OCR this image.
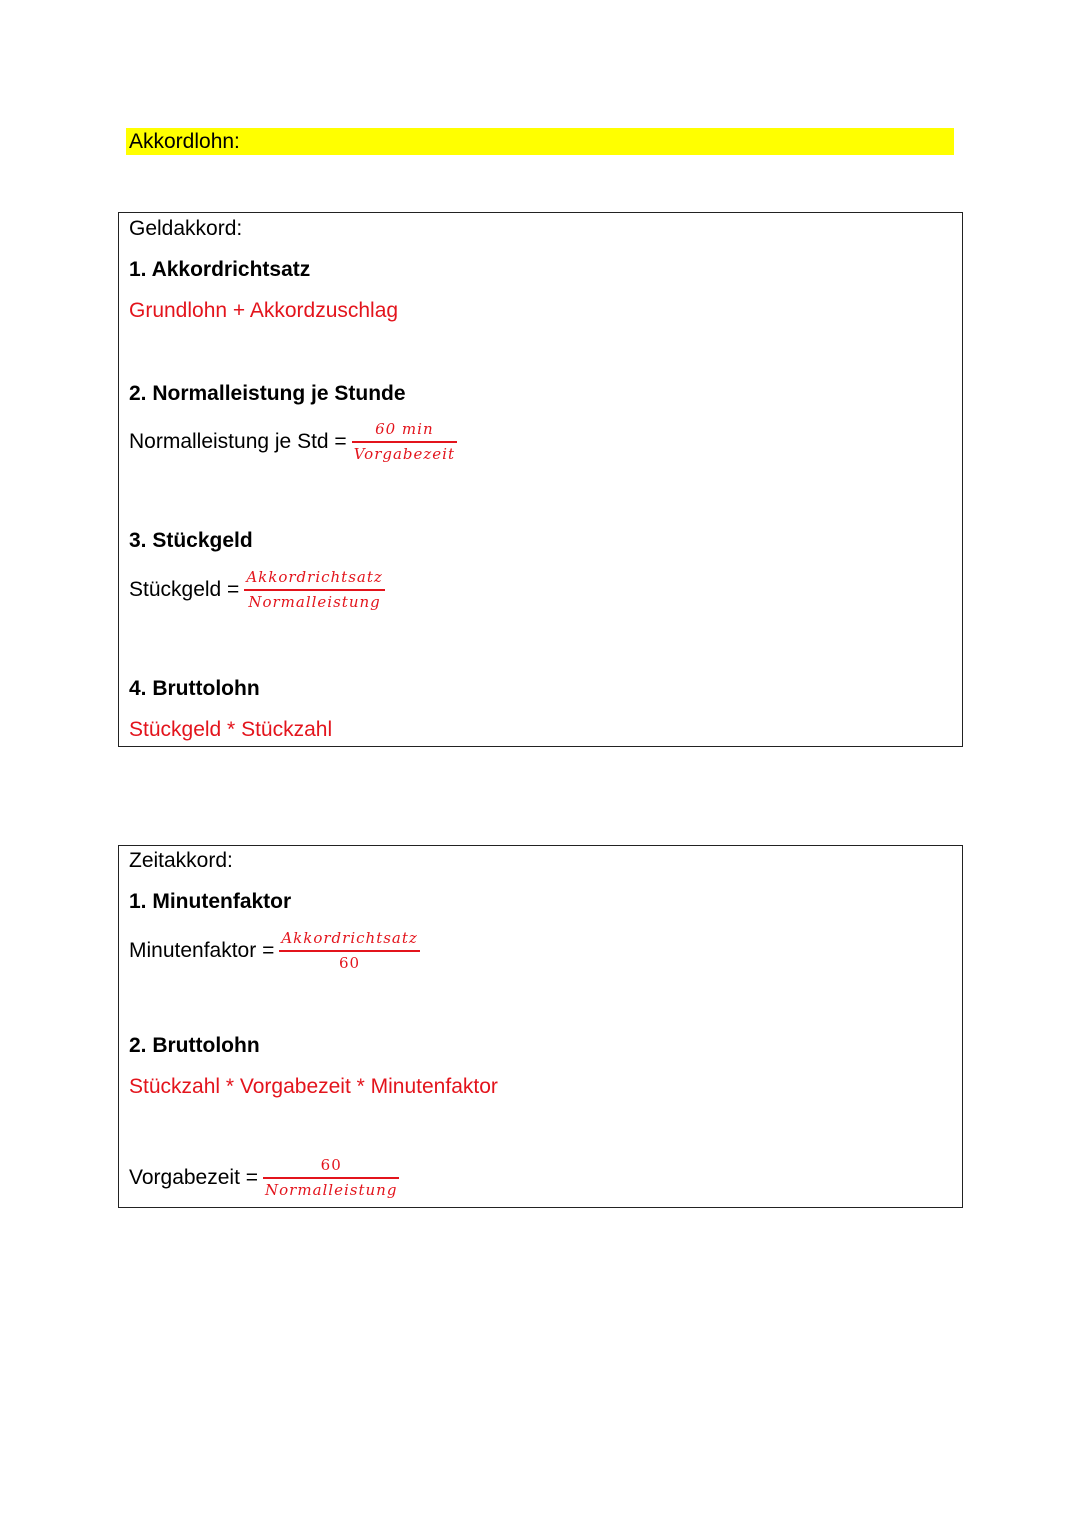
Akkordlohn:
Geldakkord:
1. Akkordrichtsatz
Grundlohn + Akkordzuschlag
2. Normalleistung je Stunde
Normalleistung je Std = $\frac{60 \min}{\text{Vorgabezeit}}$
3. Stückgeld
Stückgeld = $\frac{\text{Akkordrichtsatz}}{\text{Normalleistung}}$
4. Bruttolohn
Stückgeld * Stückzahl
Zeitakkord:
1. Minutenfaktor
Minutenfaktor = $\frac{\text{Akkordrichtsatz}}{60}$
2. Bruttolohn
Stückzahl * Vorgabezeit * Minutenfaktor
Vorgabezeit = $\frac{60}{\text{Normalleistung}}$
